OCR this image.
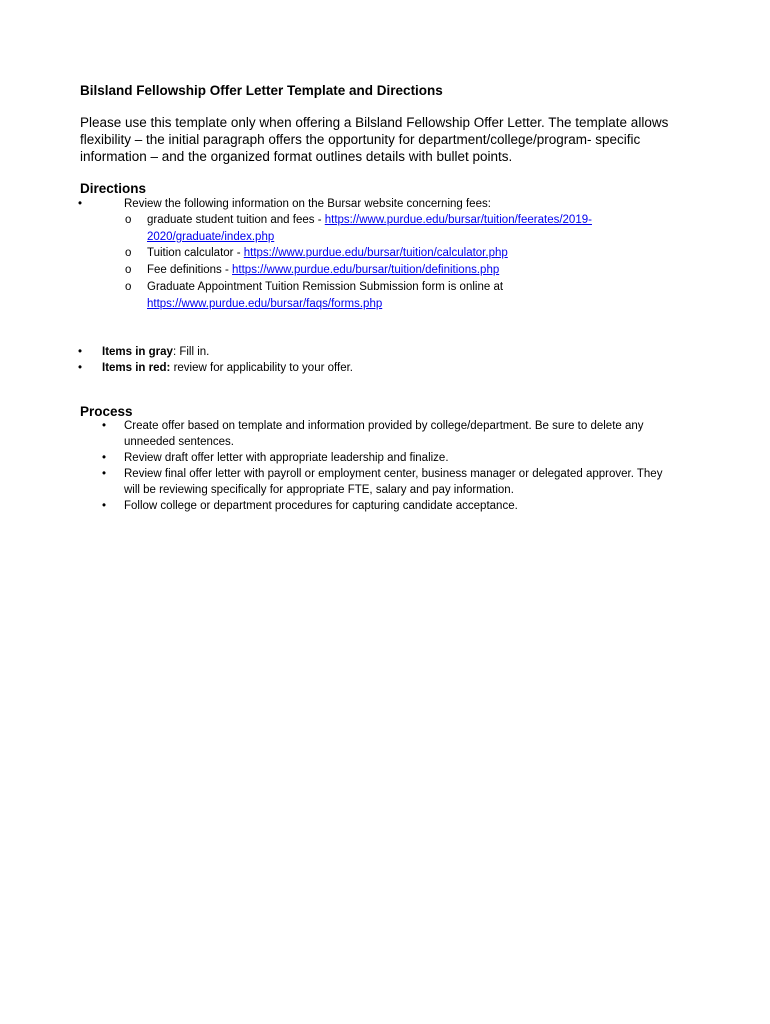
Bilsland Fellowship Offer Letter Template and Directions
Please use this template only when offering a Bilsland Fellowship Offer Letter. The template allows
flexibility – the initial paragraph offers the opportunity for department/college/program- specific
information – and the organized format outlines details with bullet points.
Directions
•	Review the following information on the Bursar website concerning fees:
o graduate student tuition and fees - https://www.purdue.edu/bursar/tuition/feerates/2019-
2020/graduate/index.php
o Tuition calculator - https://www.purdue.edu/bursar/tuition/calculator.php
o Fee definitions - https://www.purdue.edu/bursar/tuition/definitions.php
o Graduate Appointment Tuition Remission Submission form is online at
https://www.purdue.edu/bursar/faqs/forms.php
• Items in gray: Fill in.
• Items in red: review for applicability to your offer.
Process
• Create offer based on template and information provided by college/department. Be sure to delete any
unneeded sentences.
• Review draft offer letter with appropriate leadership and finalize.
• Review final offer letter with payroll or employment center, business manager or delegated approver. They
will be reviewing specifically for appropriate FTE, salary and pay information.
• Follow college or department procedures for capturing candidate acceptance.
